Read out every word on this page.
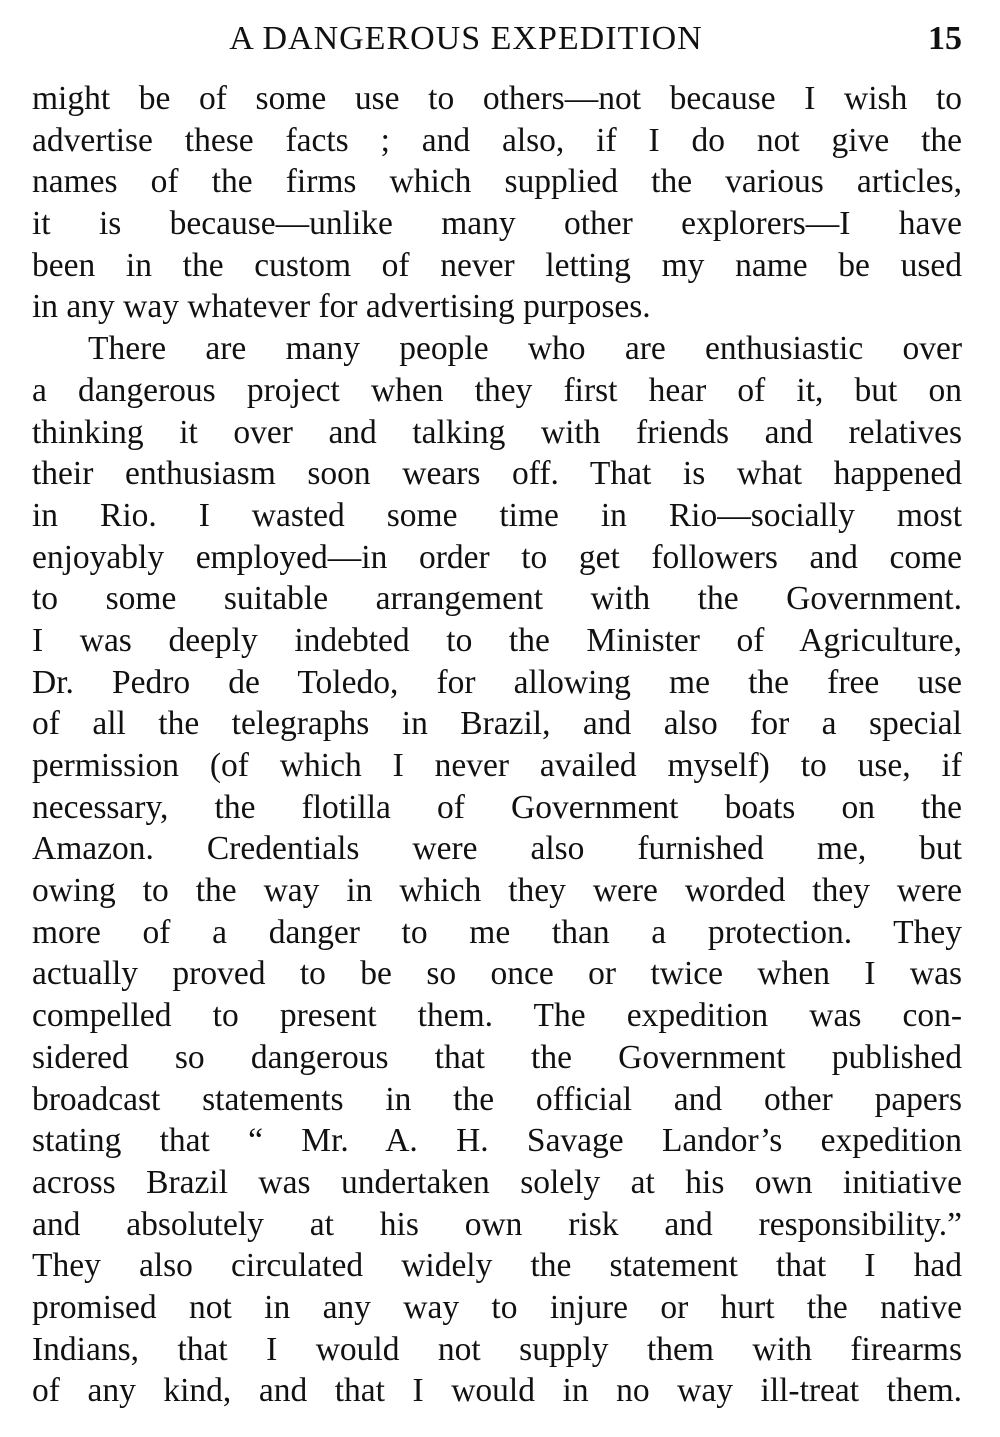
A DANGEROUS EXPEDITION	15
might be of some use to others—not because I wish to
advertise these facts ; and also, if I do not give the
names of the firms which supplied the various articles,
it is because—unlike many other explorers—I have
been in the custom of never letting my name be used
in any way whatever for advertising purposes.
There are many people who are enthusiastic over
a dangerous project when they first hear of it, but on
thinking it over and talking with friends and relatives
their enthusiasm soon wears off. That is what happened
in Rio. I wasted some time in Rio—socially most
enjoyably employed—in order to get followers and come
to some suitable arrangement with the Government.
I was deeply indebted to the Minister of Agriculture,
Dr. Pedro de Toledo, for allowing me the free use
of all the telegraphs in Brazil, and also for a special
permission (of which I never availed myself) to use, if
necessary, the flotilla of Government boats on the
Amazon. Credentials were also furnished me, but
owing to the way in which they were worded they were
more of a danger to me than a protection. They
actually proved to be so once or twice when I was
compelled to present them. The expedition was con-
sidered so dangerous that the Government published
broadcast statements in the official and other papers
stating that “ Mr. A. H. Savage Landor’s expedition
across Brazil was undertaken solely at his own initiative
and absolutely at his own risk and responsibility.”
They also circulated widely the statement that I had
promised not in any way to injure or hurt the native
Indians, that I would not supply them with firearms
of any kind, and that I would in no way ill-treat them.
